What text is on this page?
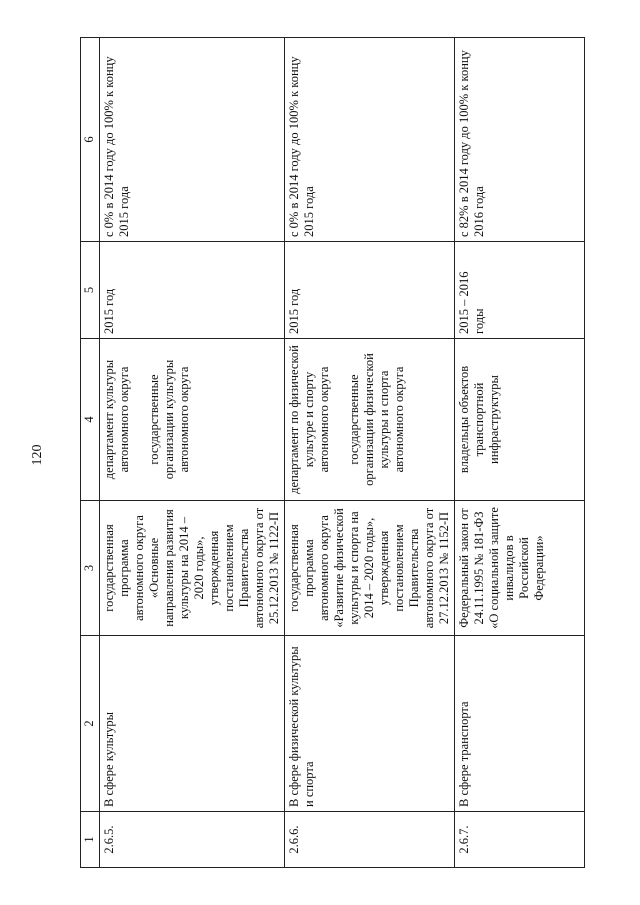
120
1	2	3	4	5	6
2.6.5.	В сфере культуры	государственная программа автономного округа «Основные направления развития культуры на 2014 – 2020 годы», утвержденная постановлением Правительства автономного округа от 25.12.2013 № 1122-П	департамент культуры автономного округа государственные организации культуры автономного округа	2015 год	с 0% в 2014 году до 100% к концу 2015 года
2.6.6.	В сфере физической культуры и спорта	государственная программа автономного округа «Развитие физической культуры и спорта на 2014 – 2020 годы», утвержденная постановлением Правительства автономного округа от 27.12.2013 № 1152-П	департамент по физической культуре и спорту автономного округа государственные организации физической культуры и спорта автономного округа	2015 год	с 0% в 2014 году до 100% к концу 2015 года
2.6.7.	В сфере транспорта	Федеральный закон от 24.11.1995 № 181-ФЗ «О социальной защите инвалидов в Российской Федерации»	владельцы объектов транспортной инфраструктуры	2015 – 2016 годы	с 82% в 2014 году до 100% к концу 2016 года
